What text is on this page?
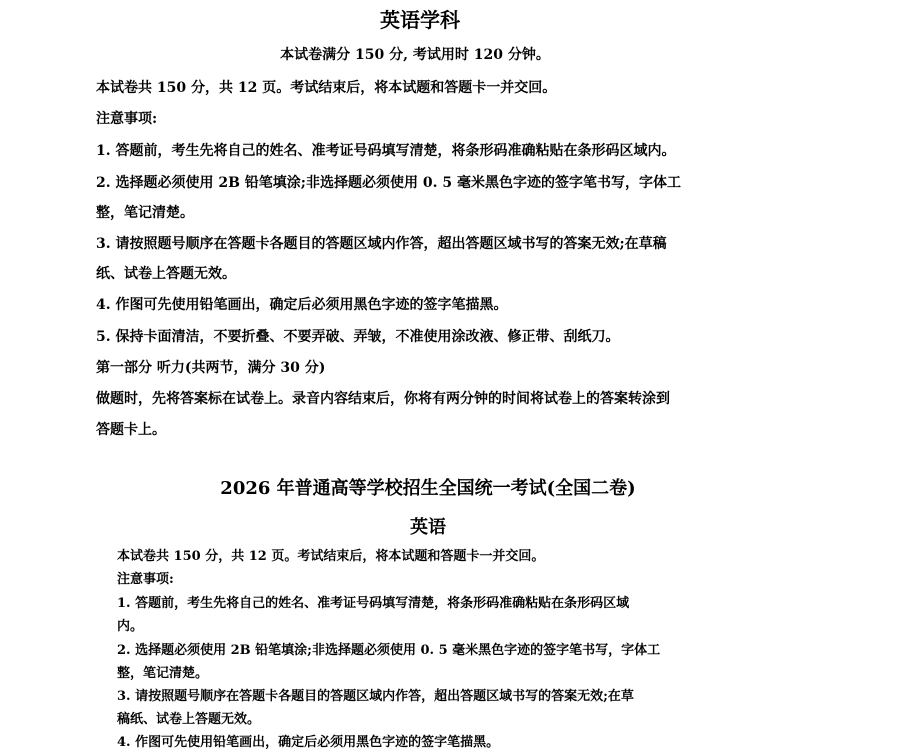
英语学科
本试卷满分 150 分, 考试用时 120 分钟。
本试卷共 150 分，共 12 页。考试结束后，将本试题和答题卡一并交回。
注意事项:
1. 答题前，考生先将自己的姓名、准考证号码填写清楚，将条形码准确粘贴在条形码区域内。
2. 选择题必须使用 2B 铅笔填涂;非选择题必须使用 0. 5 毫米黑色字迹的签字笔书写，字体工
整，笔记清楚。
3. 请按照题号顺序在答题卡各题目的答题区域内作答，超出答题区域书写的答案无效;在草稿
纸、试卷上答题无效。
4. 作图可先使用铅笔画出，确定后必须用黑色字迹的签字笔描黑。
5. 保持卡面清洁，不要折叠、不要弄破、弄皱，不准使用涂改液、修正带、刮纸刀。
第一部分 听力(共两节，满分 30 分)
做题时，先将答案标在试卷上。录音内容结束后，你将有两分钟的时间将试卷上的答案转涂到
答题卡上。
2026 年普通高等学校招生全国统一考试(全国二卷)
英语
本试卷共 150 分，共 12 页。考试结束后，将本试题和答题卡一并交回。
注意事项:
1. 答题前，考生先将自己的姓名、准考证号码填写清楚，将条形码准确粘贴在条形码区域
内。
2. 选择题必须使用 2B 铅笔填涂;非选择题必须使用 0. 5 毫米黑色字迹的签字笔书写，字体工
整，笔记清楚。
3. 请按照题号顺序在答题卡各题目的答题区域内作答，超出答题区域书写的答案无效;在草
稿纸、试卷上答题无效。
4. 作图可先使用铅笔画出，确定后必须用黑色字迹的签字笔描黑。
